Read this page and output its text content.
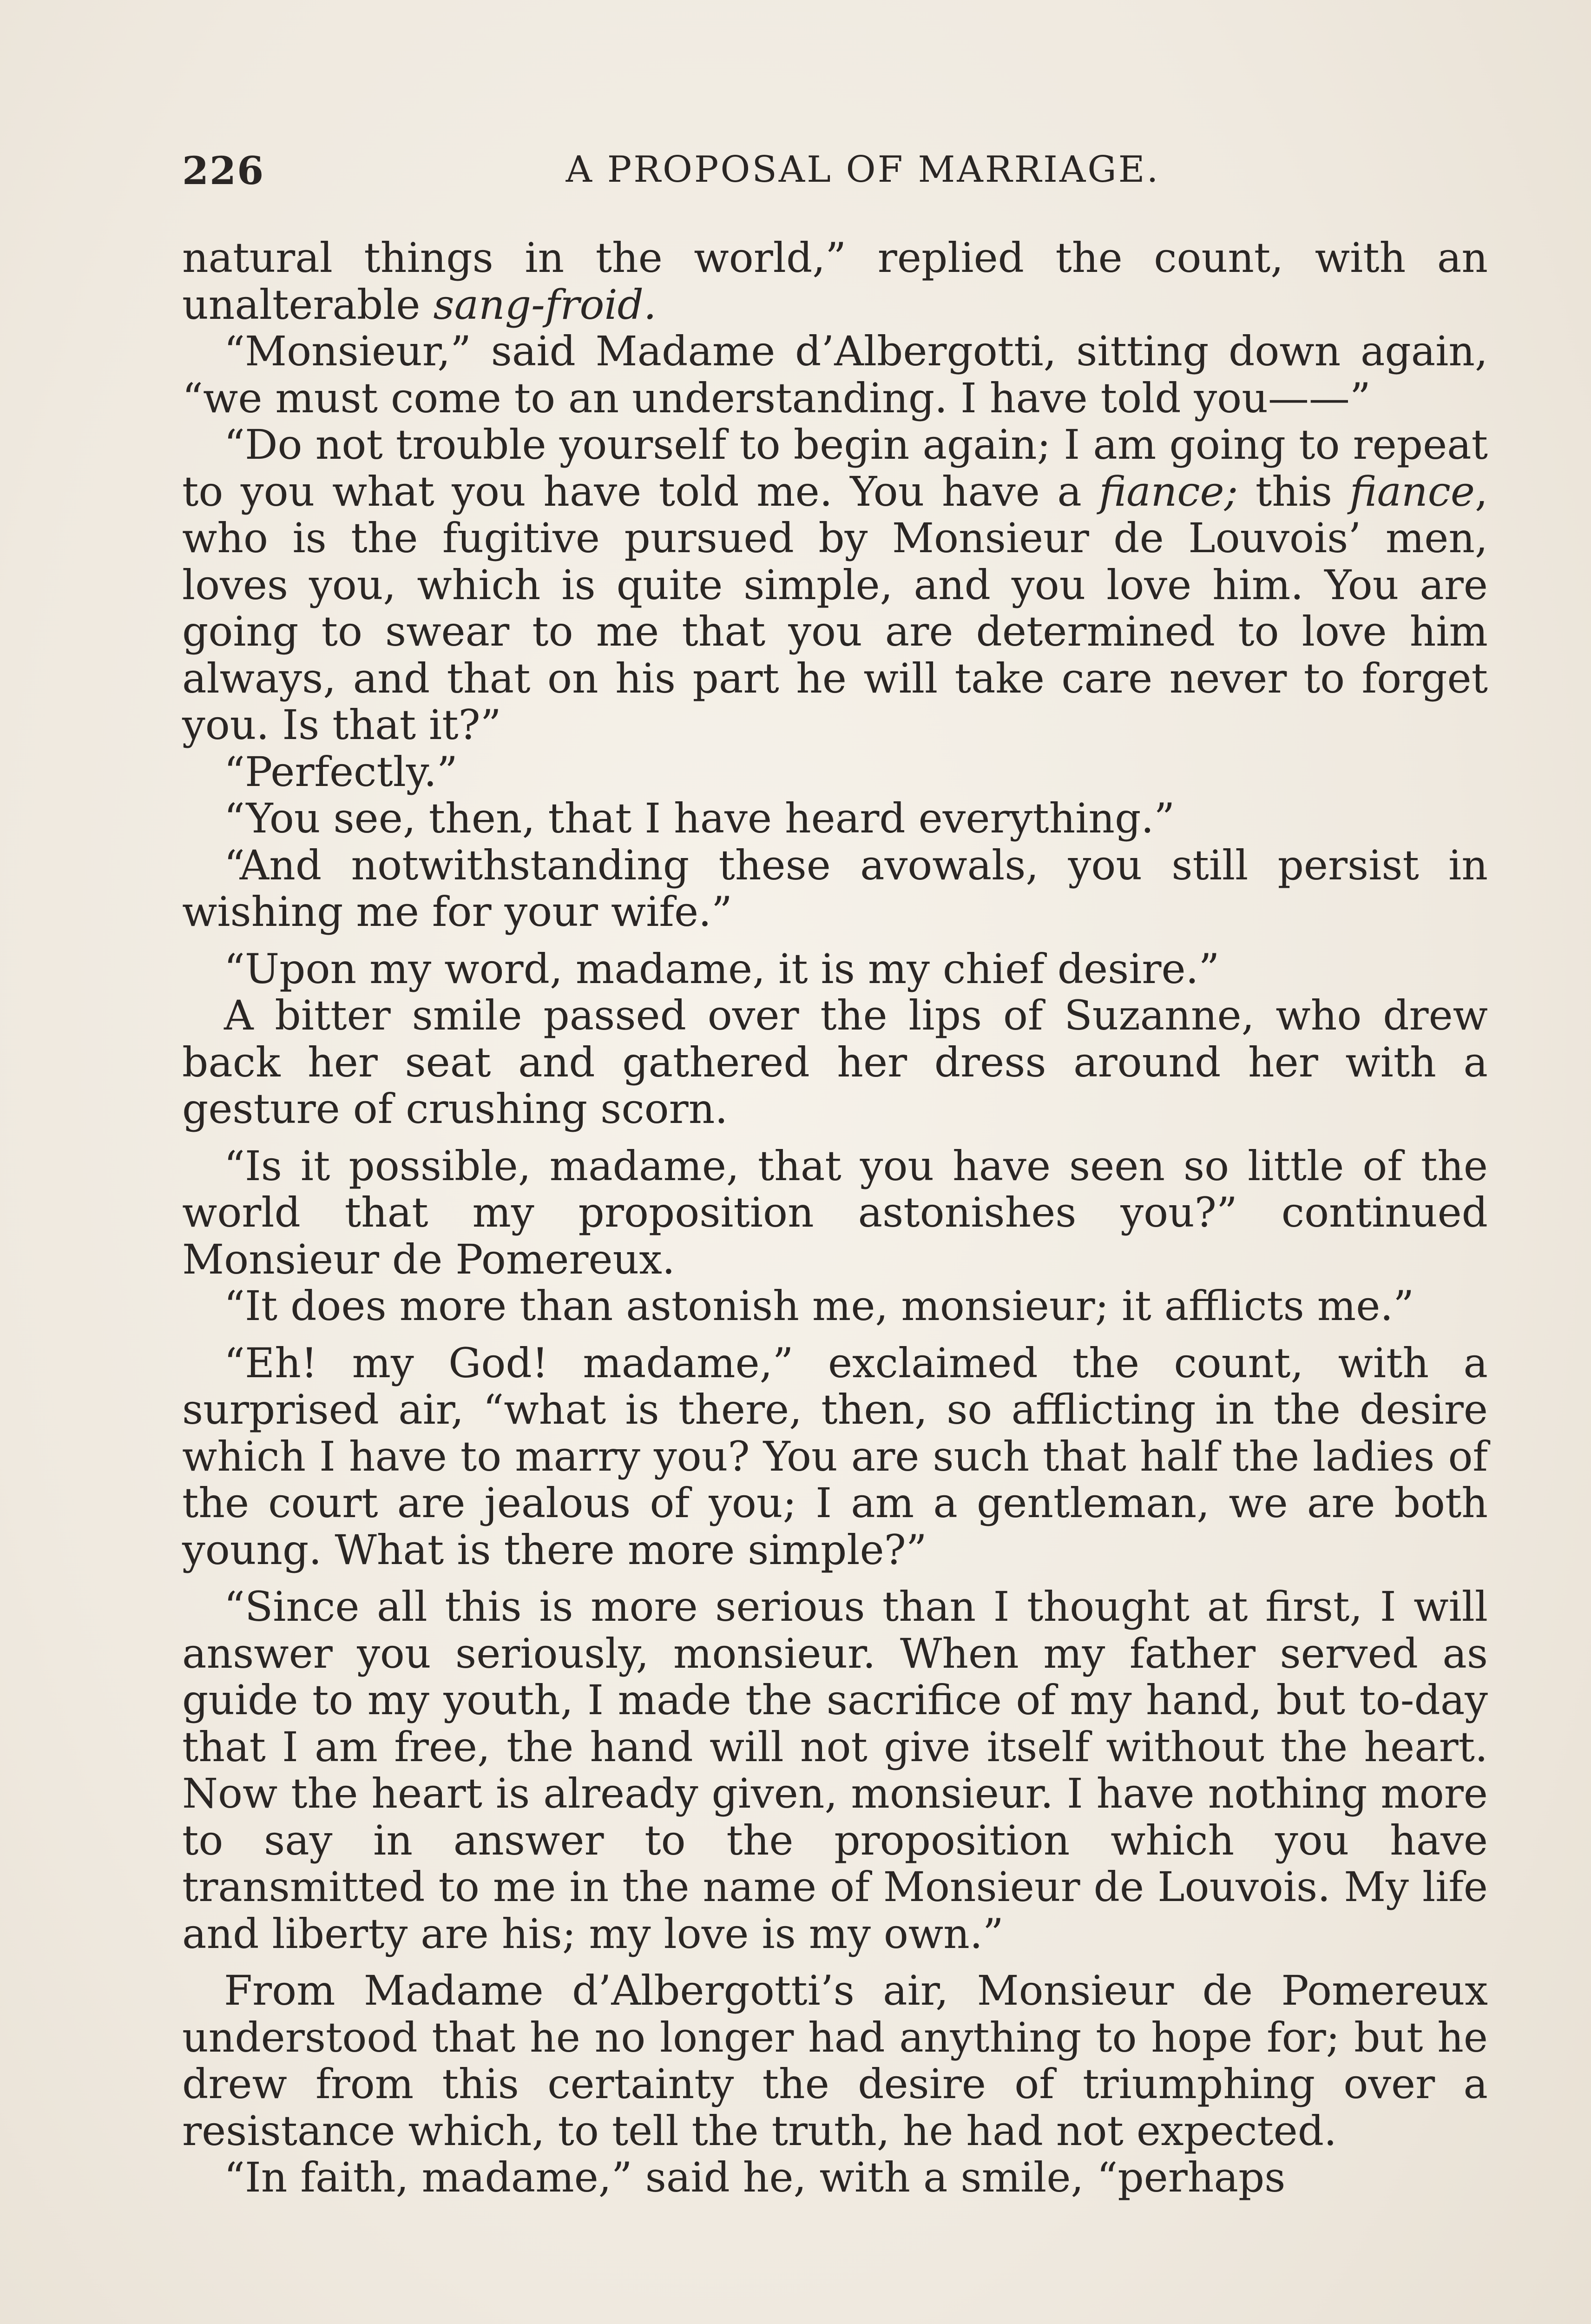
226	A PROPOSAL OF MARRIAGE.

natural things in the world,” replied the count, with an unalterable sang-froid.

“Monsieur,” said Madame d’Albergotti, sitting down again, “we must come to an understanding. I have told you——”

“Do not trouble yourself to begin again; I am going to repeat to you what you have told me. You have a fiance; this fiance, who is the fugitive pursued by Monsieur de Louvois’ men, loves you, which is quite simple, and you love him. You are going to swear to me that you are determined to love him always, and that on his part he will take care never to forget you. Is that it?”

“Perfectly.”

“You see, then, that I have heard everything.”

“And notwithstanding these avowals, you still persist in wishing me for your wife.”

“Upon my word, madame, it is my chief desire.”

A bitter smile passed over the lips of Suzanne, who drew back her seat and gathered her dress around her with a gesture of crushing scorn.

“Is it possible, madame, that you have seen so little of the world that my proposition astonishes you?” continued Monsieur de Pomereux.

“It does more than astonish me, monsieur; it afflicts me.”

“Eh! my God! madame,” exclaimed the count, with a surprised air, “what is there, then, so afflicting in the desire which I have to marry you? You are such that half the ladies of the court are jealous of you; I am a gentleman, we are both young. What is there more simple?”

“Since all this is more serious than I thought at first, I will answer you seriously, monsieur. When my father served as guide to my youth, I made the sacrifice of my hand, but to-day that I am free, the hand will not give itself without the heart. Now the heart is already given, monsieur. I have nothing more to say in answer to the proposition which you have transmitted to me in the name of Monsieur de Louvois. My life and liberty are his; my love is my own.”

From Madame d’Albergotti’s air, Monsieur de Pomereux understood that he no longer had anything to hope for; but he drew from this certainty the desire of triumphing over a resistance which, to tell the truth, he had not expected.

“In faith, madame,” said he, with a smile, “perhaps
